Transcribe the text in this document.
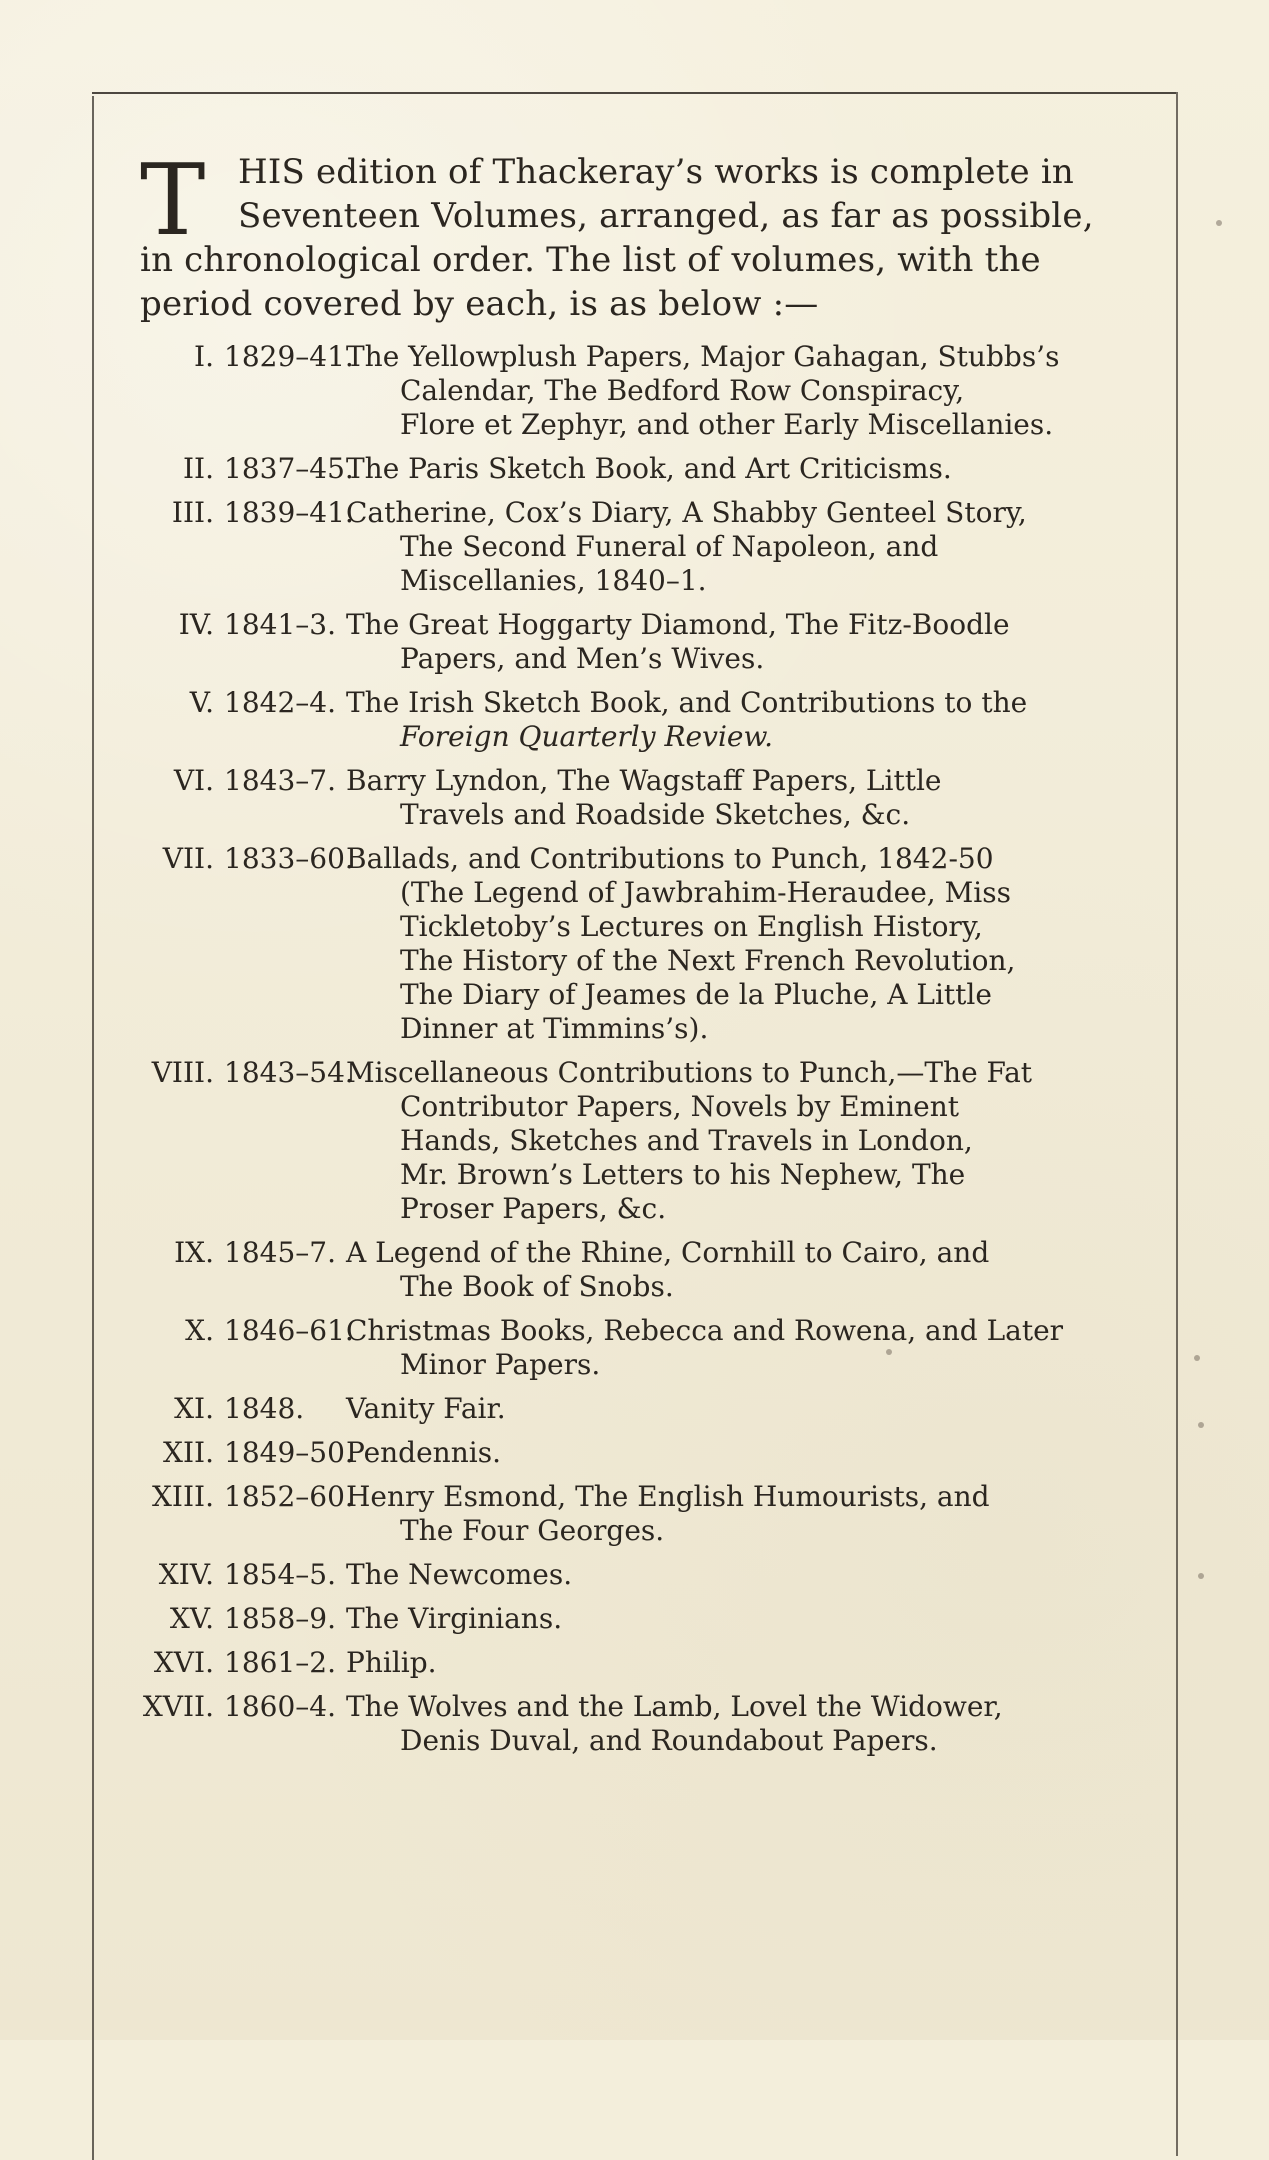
T HIS edition of Thackeray’s works is complete in
Seventeen Volumes, arranged, as far as possible,
in chronological order. The list of volumes, with the
period covered by each, is as below :—
I. 1829–41.
The Yellowplush Papers, Major Gahagan, Stubbs’s
Calendar, The Bedford Row Conspiracy,
Flore et Zephyr, and other Early Miscellanies.
II. 1837–45.
The Paris Sketch Book, and Art Criticisms.
III. 1839–41.
Catherine, Cox’s Diary, A Shabby Genteel Story,
The Second Funeral of Napoleon, and
Miscellanies, 1840–1.
IV. 1841–3. The Great Hoggarty Diamond, The Fitz-Boodle
Papers, and Men’s Wives.
V. 1842–4. The Irish Sketch Book, and Contributions to the
Foreign Quarterly Review.
VI. 1843–7. Barry Lyndon, The Wagstaff Papers, Little
Travels and Roadside Sketches, &c.
VII. 1833–60.
Ballads, and Contributions to Punch, 1842-50
(The Legend of Jawbrahim-Heraudee, Miss
Tickletoby’s Lectures on English History,
The History of the Next French Revolution,
The Diary of Jeames de la Pluche, A Little
Dinner at Timmins’s).
VIII. 1843–54.
Miscellaneous Contributions to Punch,—The Fat
Contributor Papers, Novels by Eminent
Hands, Sketches and Travels in London,
Mr. Brown’s Letters to his Nephew, The
Proser Papers, &c.
IX. 1845–7. A Legend of the Rhine, Cornhill to Cairo, and
The Book of Snobs.
X. 1846–61.
Christmas Books, Rebecca and Rowena, and Later
Minor Papers.
XI. 1848.	Vanity Fair.
XII. 1849–50.
Pendennis.
XIII. 1852–60.
Henry Esmond, The English Humourists, and
The Four Georges.
XIV. 1854–5. The Newcomes.
XV. 1858–9. The Virginians.
XVI. 1861–2. Philip.
XVII. 1860–4. The Wolves and the Lamb, Lovel the Widower,
Denis Duval, and Roundabout Papers.
